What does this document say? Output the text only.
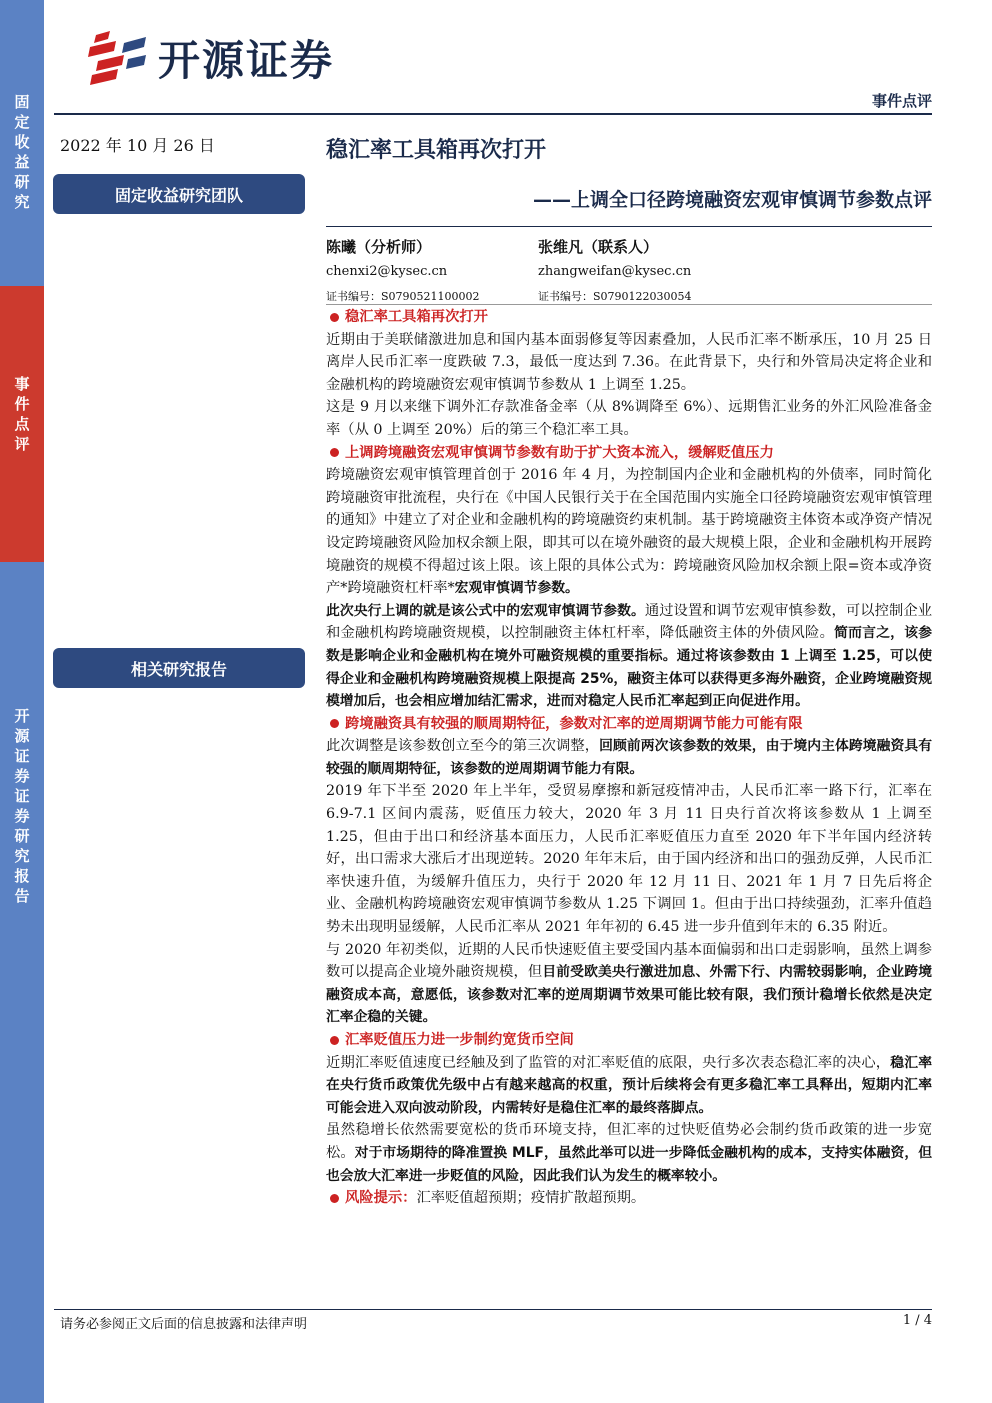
固定收益研究
事件点评
开源证券 证券研究报告
开源证券
事件点评
2022 年 10 月 26 日
固定收益研究团队
相关研究报告
稳汇率工具箱再次打开
——上调全口径跨境融资宏观审慎调节参数点评
陈曦（分析师）
chenxi2@kysec.cn
证书编号：S0790521100002
张维凡（联系人）
zhangweifan@kysec.cn
证书编号：S0790122030054
稳汇率工具箱再次打开

近期由于美联储激进加息和国内基本面弱修复等因素叠加，人民币汇率不断承压，10 月 25 日离岸人民币汇率一度跌破 7.3，最低一度达到 7.36。在此背景下，央行和外管局决定将企业和金融机构的跨境融资宏观审慎调节参数从 1 上调至 1.25。

这是 9 月以来继下调外汇存款准备金率（从 8%调降至 6%）、远期售汇业务的外汇风险准备金率（从 0 上调至 20%）后的第三个稳汇率工具。

上调跨境融资宏观审慎调节参数有助于扩大资本流入，缓解贬值压力

跨境融资宏观审慎管理首创于 2016 年 4 月，为控制国内企业和金融机构的外债率，同时简化跨境融资审批流程，央行在《中国人民银行关于在全国范围内实施全口径跨境融资宏观审慎管理的通知》中建立了对企业和金融机构的跨境融资约束机制。基于跨境融资主体资本或净资产情况设定跨境融资风险加权余额上限，即其可以在境外融资的最大规模上限，企业和金融机构开展跨境融资的规模不得超过该上限。该上限的具体公式为：跨境融资风险加权余额上限=资本或净资产*跨境融资杠杆率*宏观审慎调节参数。

此次央行上调的就是该公式中的宏观审慎调节参数。通过设置和调节宏观审慎参数，可以控制企业和金融机构跨境融资规模，以控制融资主体杠杆率，降低融资主体的外债风险。简而言之，该参数是影响企业和金融机构在境外可融资规模的重要指标。通过将该参数由 1 上调至 1.25，可以使得企业和金融机构跨境融资规模上限提高 25%，融资主体可以获得更多海外融资，企业跨境融资规模增加后，也会相应增加结汇需求，进而对稳定人民币汇率起到正向促进作用。

跨境融资具有较强的顺周期特征，参数对汇率的逆周期调节能力可能有限

此次调整是该参数创立至今的第三次调整，回顾前两次该参数的效果，由于境内主体跨境融资具有较强的顺周期特征，该参数的逆周期调节能力有限。

2019 年下半至 2020 年上半年，受贸易摩擦和新冠疫情冲击，人民币汇率一路下行，汇率在 6.9-7.1 区间内震荡，贬值压力较大，2020 年 3 月 11 日央行首次将该参数从 1 上调至 1.25，但由于出口和经济基本面压力，人民币汇率贬值压力直至 2020 年下半年国内经济转好，出口需求大涨后才出现逆转。2020 年年末后，由于国内经济和出口的强劲反弹，人民币汇率快速升值，为缓解升值压力，央行于 2020 年 12 月 11 日、2021 年 1 月 7 日先后将企业、金融机构跨境融资宏观审慎调节参数从 1.25 下调回 1。但由于出口持续强劲，汇率升值趋势未出现明显缓解，人民币汇率从 2021 年年初的 6.45 进一步升值到年末的 6.35 附近。

与 2020 年初类似，近期的人民币快速贬值主要受国内基本面偏弱和出口走弱影响，虽然上调参数可以提高企业境外融资规模，但目前受欧美央行激进加息、外需下行、内需较弱影响，企业跨境融资成本高，意愿低，该参数对汇率的逆周期调节效果可能比较有限，我们预计稳增长依然是决定汇率企稳的关键。

汇率贬值压力进一步制约宽货币空间

近期汇率贬值速度已经触及到了监管的对汇率贬值的底限，央行多次表态稳汇率的决心，稳汇率在央行货币政策优先级中占有越来越高的权重，预计后续将会有更多稳汇率工具释出，短期内汇率可能会进入双向波动阶段，内需转好是稳住汇率的最终落脚点。

虽然稳增长依然需要宽松的货币环境支持，但汇率的过快贬值势必会制约货币政策的进一步宽松。对于市场期待的降准置换 MLF，虽然此举可以进一步降低金融机构的成本，支持实体融资，但也会放大汇率进一步贬值的风险，因此我们认为发生的概率较小。

风险提示： 汇率贬值超预期；疫情扩散超预期。
请务必参阅正文后面的信息披露和法律声明	1 / 4
